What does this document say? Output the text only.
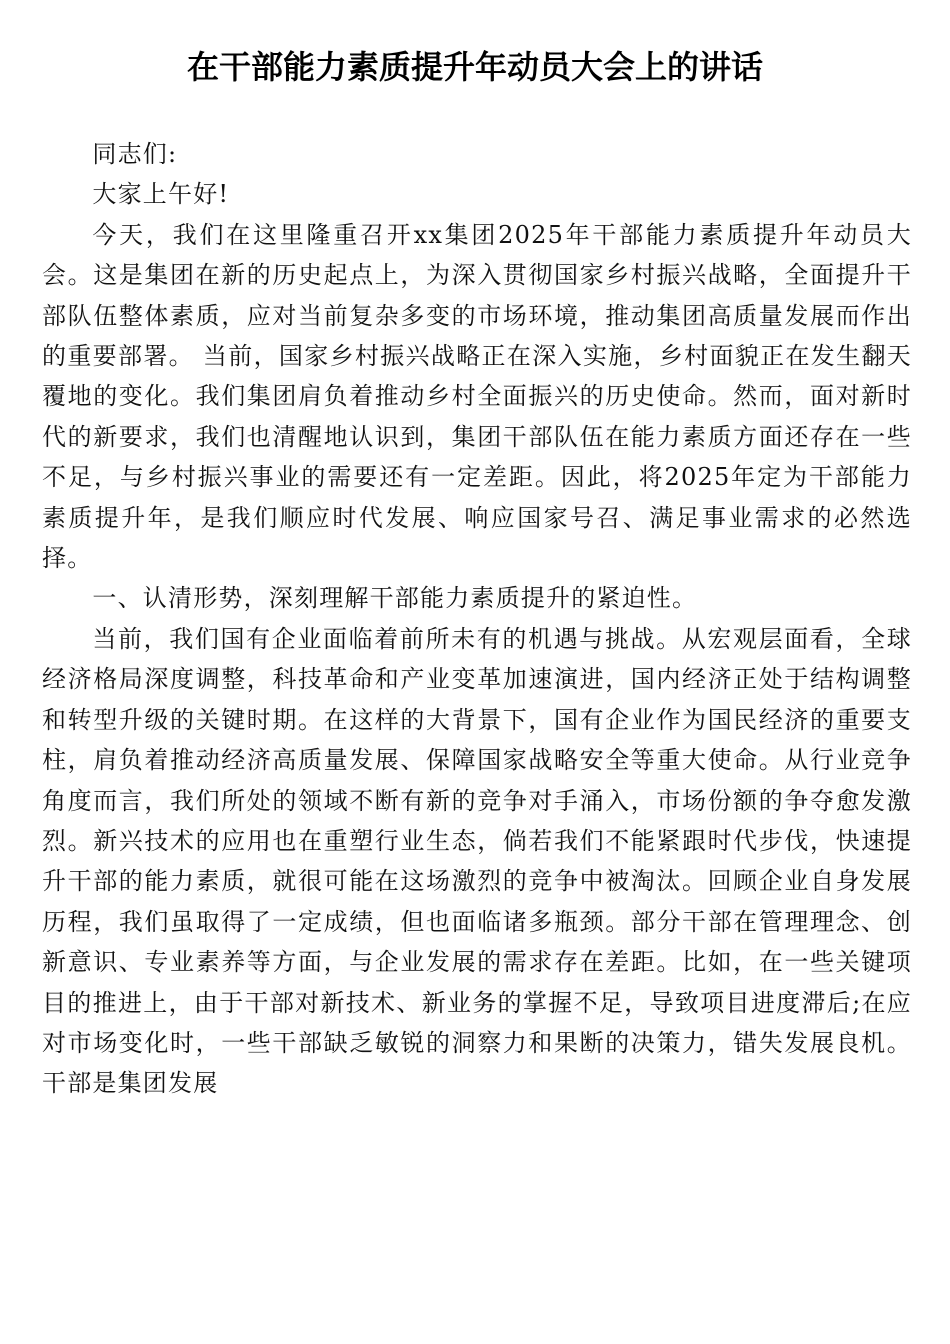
在干部能力素质提升年动员大会上的讲话

同志们:

大家上午好!

今天，我们在这里隆重召开xx集团2025年干部能力素质提升年动员大会。这是集团在新的历史起点上，为深入贯彻国家乡村振兴战略，全面提升干部队伍整体素质，应对当前复杂多变的市场环境，推动集团高质量发展而作出的重要部署。 当前，国家乡村振兴战略正在深入实施，乡村面貌正在发生翻天覆地的变化。我们集团肩负着推动乡村全面振兴的历史使命。然而，面对新时代的新要求，我们也清醒地认识到，集团干部队伍在能力素质方面还存在一些不足，与乡村振兴事业的需要还有一定差距。因此，将2025年定为干部能力素质提升年，是我们顺应时代发展、响应国家号召、满足事业需求的必然选择。

一、认清形势，深刻理解干部能力素质提升的紧迫性。

当前，我们国有企业面临着前所未有的机遇与挑战。从宏观层面看，全球经济格局深度调整，科技革命和产业变革加速演进，国内经济正处于结构调整和转型升级的关键时期。在这样的大背景下，国有企业作为国民经济的重要支柱，肩负着推动经济高质量发展、保障国家战略安全等重大使命。从行业竞争角度而言，我们所处的领域不断有新的竞争对手涌入，市场份额的争夺愈发激烈。新兴技术的应用也在重塑行业生态，倘若我们不能紧跟时代步伐，快速提升干部的能力素质，就很可能在这场激烈的竞争中被淘汰。回顾企业自身发展历程，我们虽取得了一定成绩，但也面临诸多瓶颈。部分干部在管理理念、创新意识、专业素养等方面，与企业发展的需求存在差距。比如，在一些关键项目的推进上，由于干部对新技术、新业务的掌握不足，导致项目进度滞后;在应对市场变化时，一些干部缺乏敏锐的洞察力和果断的决策力，错失发展良机。干部是集团发展
